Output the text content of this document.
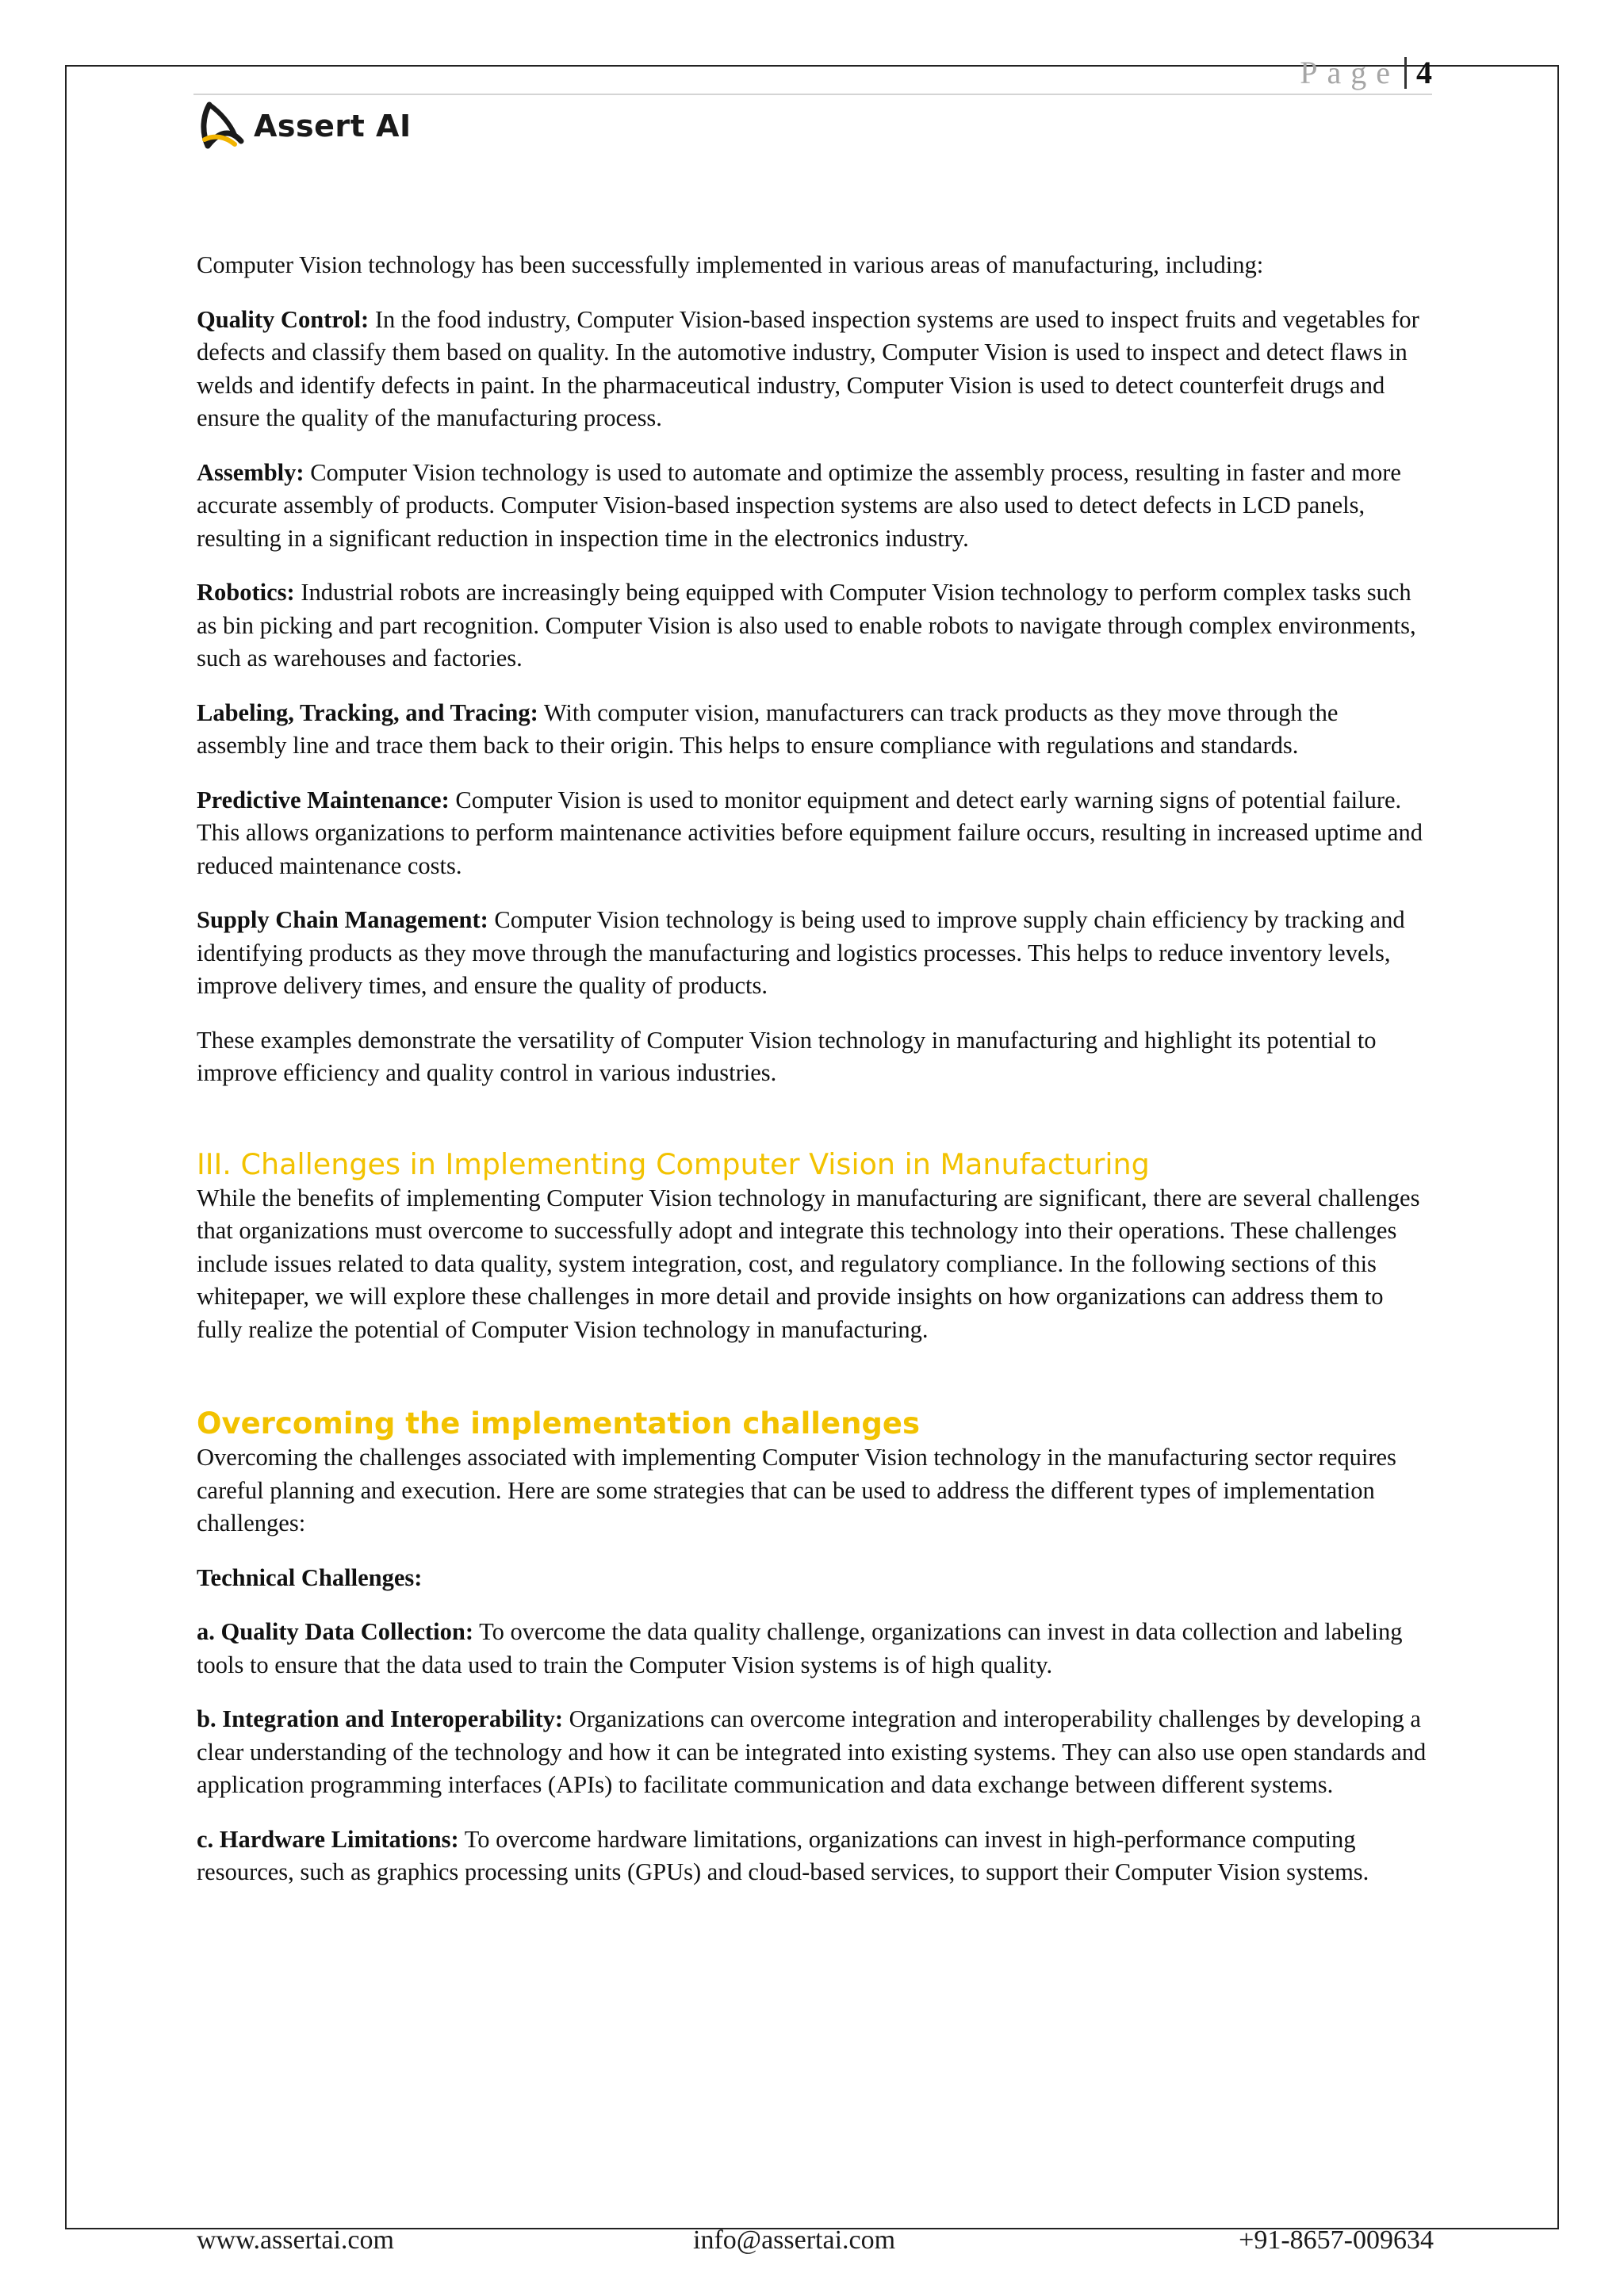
Page 4
Assert AI

Computer Vision technology has been successfully implemented in various areas of manufacturing, including:

Quality Control: In the food industry, Computer Vision-based inspection systems are used to inspect fruits and vegetables for defects and classify them based on quality. In the automotive industry, Computer Vision is used to inspect and detect flaws in welds and identify defects in paint. In the pharmaceutical industry, Computer Vision is used to detect counterfeit drugs and ensure the quality of the manufacturing process.

Assembly: Computer Vision technology is used to automate and optimize the assembly process, resulting in faster and more accurate assembly of products. Computer Vision-based inspection systems are also used to detect defects in LCD panels, resulting in a significant reduction in inspection time in the electronics industry.

Robotics: Industrial robots are increasingly being equipped with Computer Vision technology to perform complex tasks such as bin picking and part recognition. Computer Vision is also used to enable robots to navigate through complex environments, such as warehouses and factories.

Labeling, Tracking, and Tracing: With computer vision, manufacturers can track products as they move through the assembly line and trace them back to their origin. This helps to ensure compliance with regulations and standards.

Predictive Maintenance: Computer Vision is used to monitor equipment and detect early warning signs of potential failure. This allows organizations to perform maintenance activities before equipment failure occurs, resulting in increased uptime and reduced maintenance costs.

Supply Chain Management: Computer Vision technology is being used to improve supply chain efficiency by tracking and identifying products as they move through the manufacturing and logistics processes. This helps to reduce inventory levels, improve delivery times, and ensure the quality of products.

These examples demonstrate the versatility of Computer Vision technology in manufacturing and highlight its potential to improve efficiency and quality control in various industries.

III. Challenges in Implementing Computer Vision in Manufacturing

While the benefits of implementing Computer Vision technology in manufacturing are significant, there are several challenges that organizations must overcome to successfully adopt and integrate this technology into their operations. These challenges include issues related to data quality, system integration, cost, and regulatory compliance. In the following sections of this whitepaper, we will explore these challenges in more detail and provide insights on how organizations can address them to fully realize the potential of Computer Vision technology in manufacturing.

Overcoming the implementation challenges

Overcoming the challenges associated with implementing Computer Vision technology in the manufacturing sector requires careful planning and execution. Here are some strategies that can be used to address the different types of implementation challenges:

Technical Challenges:

a. Quality Data Collection: To overcome the data quality challenge, organizations can invest in data collection and labeling tools to ensure that the data used to train the Computer Vision systems is of high quality.

b. Integration and Interoperability: Organizations can overcome integration and interoperability challenges by developing a clear understanding of the technology and how it can be integrated into existing systems. They can also use open standards and application programming interfaces (APIs) to facilitate communication and data exchange between different systems.

c. Hardware Limitations: To overcome hardware limitations, organizations can invest in high-performance computing resources, such as graphics processing units (GPUs) and cloud-based services, to support their Computer Vision systems.

www.assertai.com	info@assertai.com	+91-8657-009634
